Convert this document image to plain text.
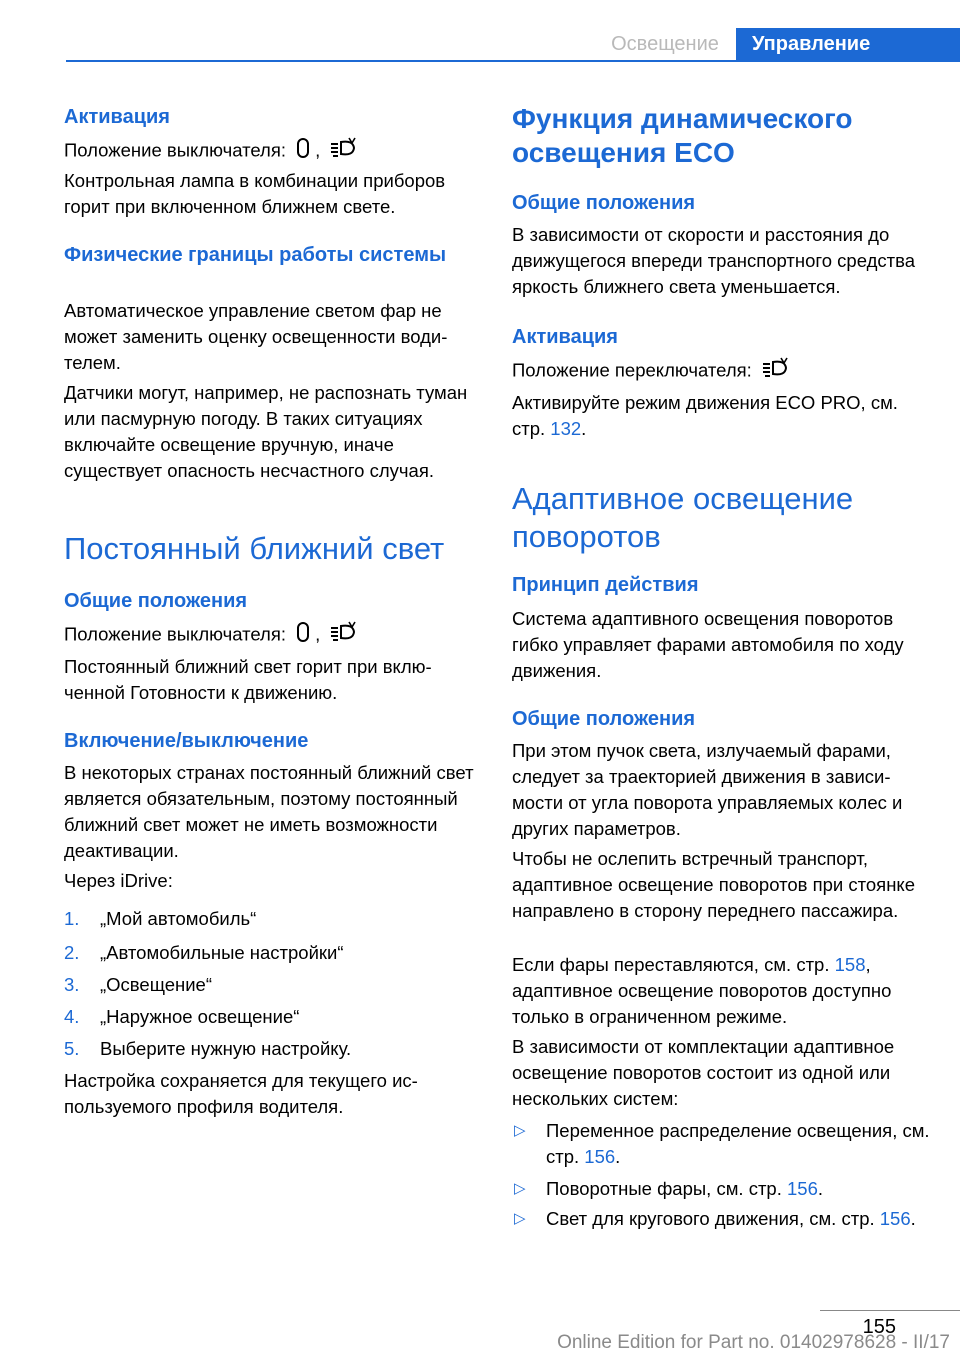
Освещение	Управление
Активация
Положение выключателя: ,
Контрольная лампа в комбинации приборов горит при включенном ближнем свете.
Физические границы работы системы
Автоматическое управление светом фар не может заменить оценку освещенности водителем.
Датчики могут, например, не распознать туман или пасмурную погоду. В таких ситуациях включайте освещение вручную, иначе существует опасность несчастного случая.
Постоянный ближний свет
Общие положения
Положение выключателя: ,
Постоянный ближний свет горит при включенной Готовности к движению.
Включение/выключение
В некоторых странах постоянный ближний свет является обязательным, поэтому постоянный ближний свет может не иметь возможности деактивации.
Через iDrive:
1. „Мой автомобиль“
2. „Автомобильные настройки“
3. „Освещение“
4. „Наружное освещение“
5. Выберите нужную настройку.
Настройка сохраняется для текущего используемого профиля водителя.
Функция динамического освещения ECO
Общие положения
В зависимости от скорости и расстояния до движущегося впереди транспортного средства яркость ближнего света уменьшается.
Активация
Положение переключателя:
Активируйте режим движения ECO PRO, см. стр. 132.
Адаптивное освещение поворотов
Принцип действия
Система адаптивного освещения поворотов гибко управляет фарами автомобиля по ходу движения.
Общие положения
При этом пучок света, излучаемый фарами, следует за траекторией движения в зависимости от угла поворота управляемых колес и других параметров.
Чтобы не ослепить встречный транспорт, адаптивное освещение поворотов при стоянке направлено в сторону переднего пассажира.
Если фары переставляются, см. стр. 158, адаптивное освещение поворотов доступно только в ограниченном режиме.
В зависимости от комплектации адаптивное освещение поворотов состоит из одной или нескольких систем:
▷ Переменное распределение освещения, см. стр. 156.
▷ Поворотные фары, см. стр. 156.
▷ Свет для кругового движения, см. стр. 156.
155
Online Edition for Part no. 01402978628 - II/17
